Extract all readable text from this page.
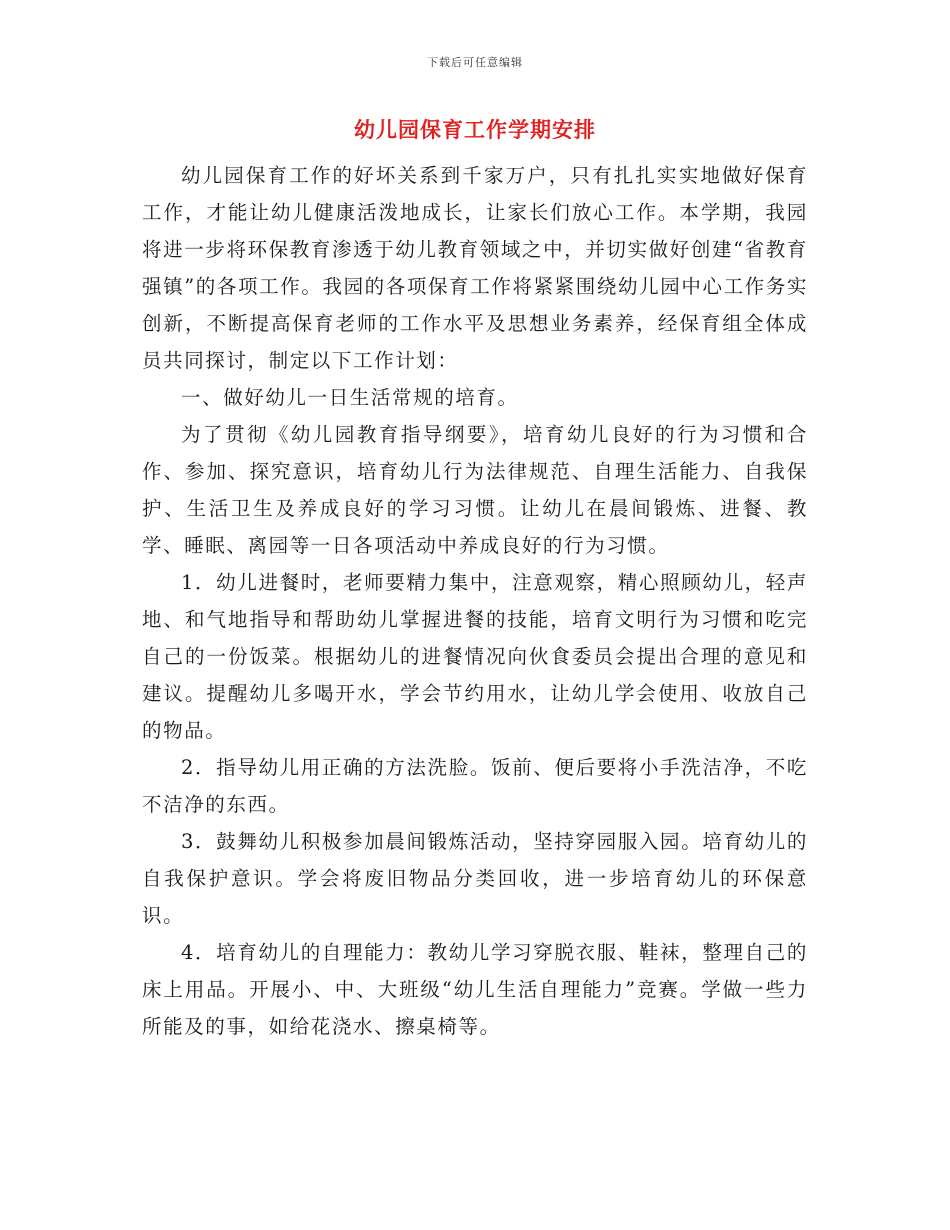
下载后可任意编辑
幼儿园保育工作学期安排

幼儿园保育工作的好坏关系到千家万户，只有扎扎实实地做好保育工作，才能让幼儿健康活泼地成长，让家长们放心工作。本学期，我园将进一步将环保教育渗透于幼儿教育领域之中，并切实做好创建“省教育强镇”的各项工作。我园的各项保育工作将紧紧围绕幼儿园中心工作务实创新，不断提高保育老师的工作水平及思想业务素养，经保育组全体成员共同探讨，制定以下工作计划：

一、做好幼儿一日生活常规的培育。

为了贯彻《幼儿园教育指导纲要》，培育幼儿良好的行为习惯和合作、参加、探究意识，培育幼儿行为法律规范、自理生活能力、自我保护、生活卫生及养成良好的学习习惯。让幼儿在晨间锻炼、进餐、教学、睡眠、离园等一日各项活动中养成良好的行为习惯。

1．幼儿进餐时，老师要精力集中，注意观察，精心照顾幼儿，轻声地、和气地指导和帮助幼儿掌握进餐的技能，培育文明行为习惯和吃完自己的一份饭菜。根据幼儿的进餐情况向伙食委员会提出合理的意见和建议。提醒幼儿多喝开水，学会节约用水，让幼儿学会使用、收放自己的物品。

2．指导幼儿用正确的方法洗脸。饭前、便后要将小手洗洁净，不吃不洁净的东西。

3．鼓舞幼儿积极参加晨间锻炼活动，坚持穿园服入园。培育幼儿的自我保护意识。学会将废旧物品分类回收，进一步培育幼儿的环保意识。

4．培育幼儿的自理能力：教幼儿学习穿脱衣服、鞋袜，整理自己的床上用品。开展小、中、大班级“幼儿生活自理能力”竞赛。学做一些力所能及的事，如给花浇水、擦桌椅等。
